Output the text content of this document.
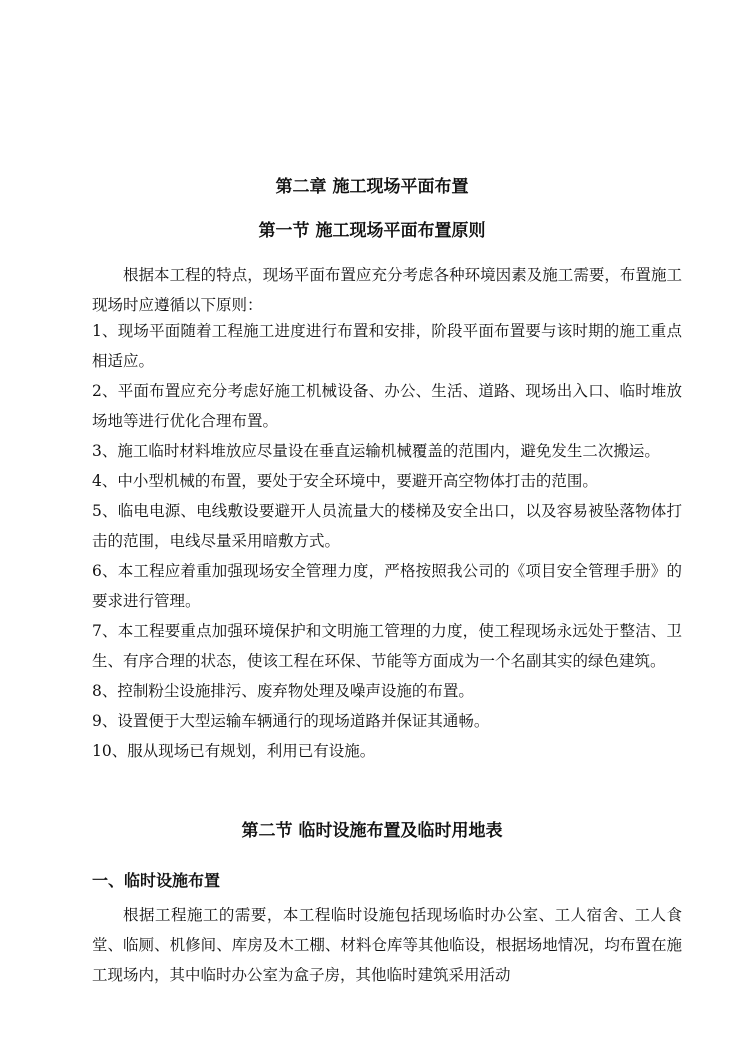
第二章 施工现场平面布置
第一节 施工现场平面布置原则

根据本工程的特点，现场平面布置应充分考虑各种环境因素及施工需要，布置施工现场时应遵循以下原则：

1、现场平面随着工程施工进度进行布置和安排，阶段平面布置要与该时期的施工重点相适应。

2、平面布置应充分考虑好施工机械设备、办公、生活、道路、现场出入口、临时堆放场地等进行优化合理布置。

3、施工临时材料堆放应尽量设在垂直运输机械覆盖的范围内，避免发生二次搬运。

4、中小型机械的布置，要处于安全环境中，要避开高空物体打击的范围。

5、临电电源、电线敷设要避开人员流量大的楼梯及安全出口，以及容易被坠落物体打击的范围，电线尽量采用暗敷方式。

6、本工程应着重加强现场安全管理力度，严格按照我公司的《项目安全管理手册》的要求进行管理。

7、本工程要重点加强环境保护和文明施工管理的力度，使工程现场永远处于整洁、卫生、有序合理的状态，使该工程在环保、节能等方面成为一个名副其实的绿色建筑。

8、控制粉尘设施排污、废弃物处理及噪声设施的布置。

9、设置便于大型运输车辆通行的现场道路并保证其通畅。

10、服从现场已有规划，利用已有设施。

第二节 临时设施布置及临时用地表
一、临时设施布置

根据工程施工的需要，本工程临时设施包括现场临时办公室、工人宿舍、工人食堂、临厕、机修间、库房及木工棚、材料仓库等其他临设，根据场地情况，均布置在施工现场内，其中临时办公室为盒子房，其他临时建筑采用活动
